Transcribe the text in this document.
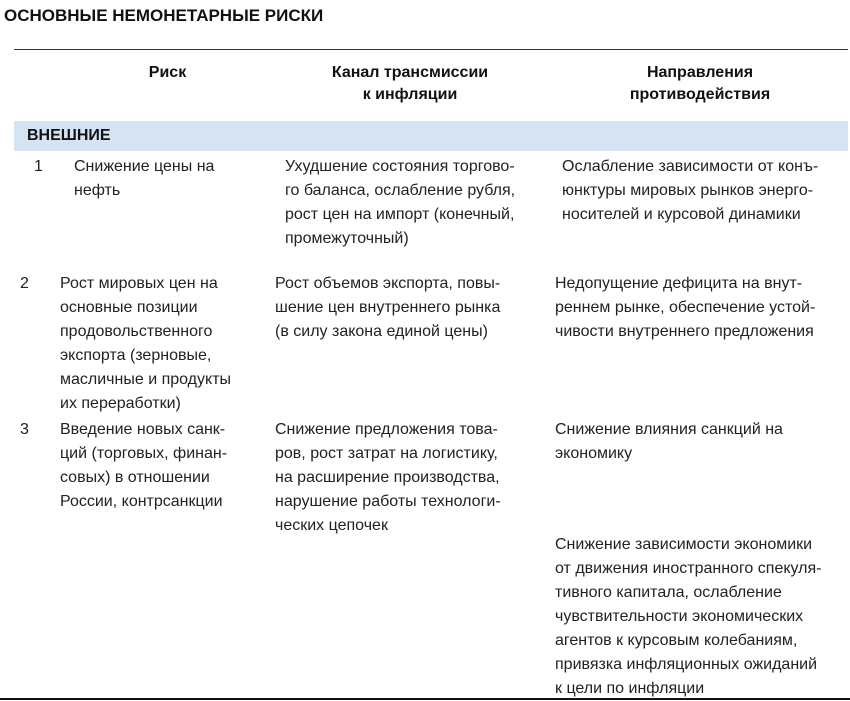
ОСНОВНЫЕ НЕМОНЕТАРНЫЕ РИСКИ
Риск	Канал трансмиссии
к инфляции
Направления
противодействия
ВНЕШНИЕ
1 Снижение цены на
нефть
Ухудшение состояния торгово-
го баланса, ослабление рубля,
рост цен на импорт (конечный,
промежуточный)
Ослабление зависимости от конъ-
юнктуры мировых рынков энерго-
носителей и курсовой динамики
2 Рост мировых цен на
основные позиции
продовольственного
экспорта (зерновые,
масличные и продукты
их переработки)
Рост объемов экспорта, повы-
шение цен внутреннего рынка
(в силу закона единой цены)
Недопущение дефицита на внут-
реннем рынке, обеспечение устой-
чивости внутреннего предложения
3 Введение новых санк-
ций (торговых, финан-
совых) в отношении
России, контрсанкции
Снижение предложения това-
ров, рост затрат на логистику,
на расширение производства,
нарушение работы технологи-
ческих цепочек
Снижение влияния санкций на
экономику
Снижение зависимости экономики
от движения иностранного спекуля-
тивного капитала, ослабление
чувствительности экономических
агентов к курсовым колебаниям,
привязка инфляционных ожиданий
к цели по инфляции
